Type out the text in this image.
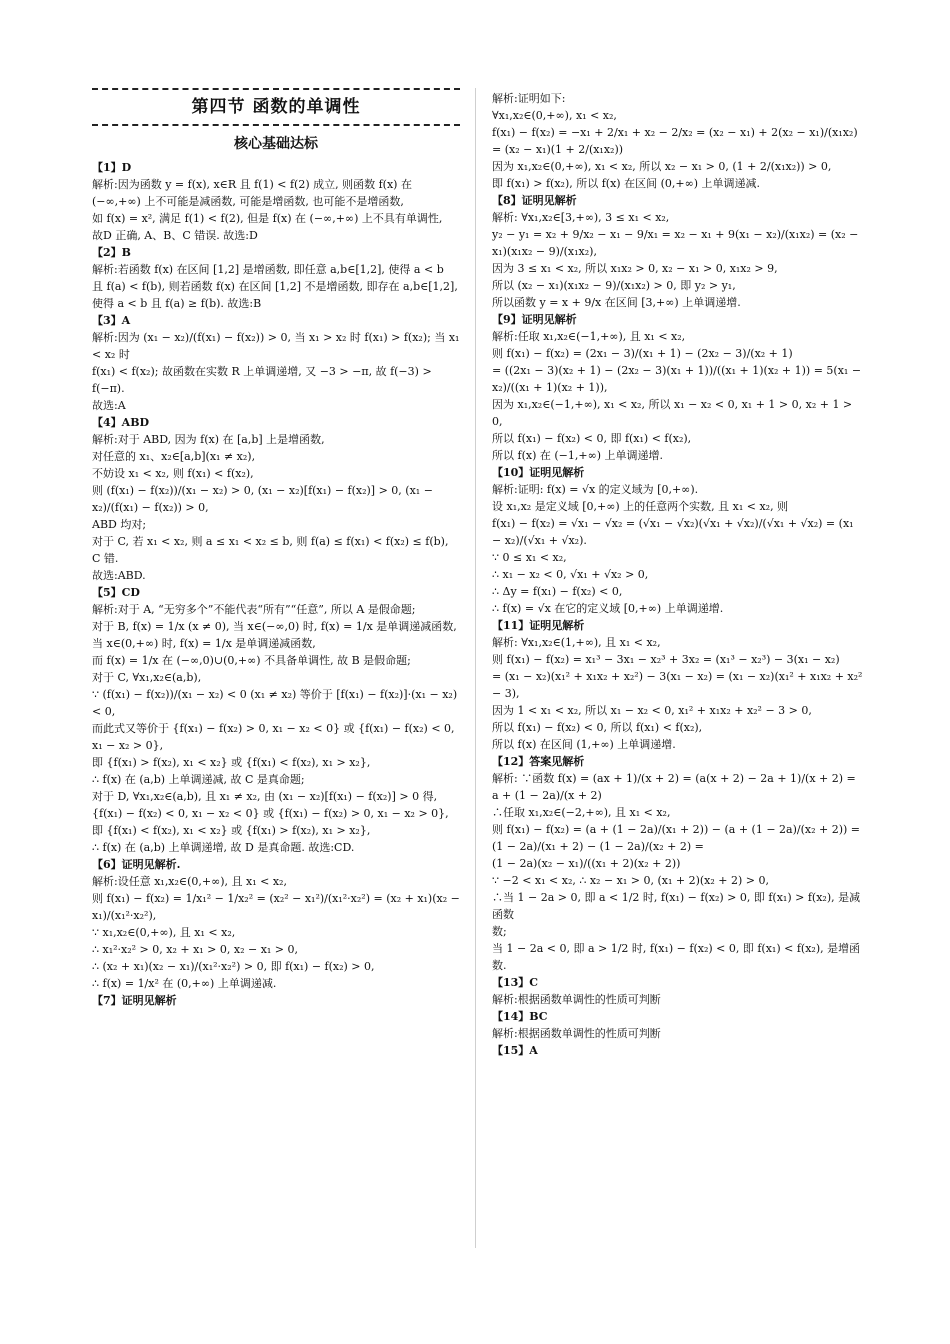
第四节 函数的单调性
核心基础达标
【1】D
解析:因为函数 y = f(x), x∈R 且 f(1) < f(2) 成立, 则函数 f(x) 在
(−∞,+∞) 上不可能是减函数, 可能是增函数, 也可能不是增函数,
如 f(x) = x², 满足 f(1) < f(2), 但是 f(x) 在 (−∞,+∞) 上不具有单调性,
故D 正确, A、B、C 错误. 故选:D
【2】B
解析:若函数 f(x) 在区间 [1,2] 是增函数, 即任意 a,b∈[1,2], 使得 a < b
且 f(a) < f(b), 则若函数 f(x) 在区间 [1,2] 不是增函数, 即存在 a,b∈[1,2],
使得 a < b 且 f(a) ≥ f(b). 故选:B
【3】A
解析:因为 (x₁ − x₂)/(f(x₁) − f(x₂)) > 0, 当 x₁ > x₂ 时 f(x₁) > f(x₂); 当 x₁ < x₂ 时
f(x₁) < f(x₂); 故函数在实数 R 上单调递增, 又 −3 > −π, 故 f(−3) > f(−π).
故选:A
【4】ABD
解析:对于 ABD, 因为 f(x) 在 [a,b] 上是增函数,
对任意的 x₁、x₂∈[a,b](x₁ ≠ x₂),
不妨设 x₁ < x₂, 则 f(x₁) < f(x₂),
则 (f(x₁) − f(x₂))/(x₁ − x₂) > 0, (x₁ − x₂)[f(x₁) − f(x₂)] > 0, (x₁ − x₂)/(f(x₁) − f(x₂)) > 0,
ABD 均对;
对于 C, 若 x₁ < x₂, 则 a ≤ x₁ < x₂ ≤ b, 则 f(a) ≤ f(x₁) < f(x₂) ≤ f(b), C 错.
故选:ABD.
【5】CD
解析:对于 A, “无穷多个”不能代表“所有”“任意”, 所以 A 是假命题;
对于 B, f(x) = 1/x (x ≠ 0), 当 x∈(−∞,0) 时, f(x) = 1/x 是单调递减函数,
当 x∈(0,+∞) 时, f(x) = 1/x 是单调递减函数,
而 f(x) = 1/x 在 (−∞,0)∪(0,+∞) 不具备单调性, 故 B 是假命题;
对于 C, ∀x₁,x₂∈(a,b),
∵ (f(x₁) − f(x₂))/(x₁ − x₂) < 0 (x₁ ≠ x₂) 等价于 [f(x₁) − f(x₂)]·(x₁ − x₂) < 0,
而此式又等价于 {f(x₁) − f(x₂) > 0, x₁ − x₂ < 0} 或 {f(x₁) − f(x₂) < 0, x₁ − x₂ > 0},
即 {f(x₁) > f(x₂), x₁ < x₂} 或 {f(x₁) < f(x₂), x₁ > x₂},
∴ f(x) 在 (a,b) 上单调递减, 故 C 是真命题;
对于 D, ∀x₁,x₂∈(a,b), 且 x₁ ≠ x₂, 由 (x₁ − x₂)[f(x₁) − f(x₂)] > 0 得,
{f(x₁) − f(x₂) < 0, x₁ − x₂ < 0} 或 {f(x₁) − f(x₂) > 0, x₁ − x₂ > 0},
即 {f(x₁) < f(x₂), x₁ < x₂} 或 {f(x₁) > f(x₂), x₁ > x₂},
∴ f(x) 在 (a,b) 上单调递增, 故 D 是真命题. 故选:CD.
【6】证明见解析.
解析:设任意 x₁,x₂∈(0,+∞), 且 x₁ < x₂,
则 f(x₁) − f(x₂) = 1/x₁² − 1/x₂² = (x₂² − x₁²)/(x₁²·x₂²) = (x₂ + x₁)(x₂ − x₁)/(x₁²·x₂²),
∵ x₁,x₂∈(0,+∞), 且 x₁ < x₂,
∴ x₁²·x₂² > 0, x₂ + x₁ > 0, x₂ − x₁ > 0,
∴ (x₂ + x₁)(x₂ − x₁)/(x₁²·x₂²) > 0, 即 f(x₁) − f(x₂) > 0,
∴ f(x) = 1/x² 在 (0,+∞) 上单调递减.
【7】证明见解析
解析:证明如下:
∀x₁,x₂∈(0,+∞), x₁ < x₂,
f(x₁) − f(x₂) = −x₁ + 2/x₁ + x₂ − 2/x₂ = (x₂ − x₁) + 2(x₂ − x₁)/(x₁x₂) = (x₂ − x₁)(1 + 2/(x₁x₂))
因为 x₁,x₂∈(0,+∞), x₁ < x₂, 所以 x₂ − x₁ > 0, (1 + 2/(x₁x₂)) > 0,
即 f(x₁) > f(x₂), 所以 f(x) 在区间 (0,+∞) 上单调递减.
【8】证明见解析
解析: ∀x₁,x₂∈[3,+∞), 3 ≤ x₁ < x₂,
y₂ − y₁ = x₂ + 9/x₂ − x₁ − 9/x₁ = x₂ − x₁ + 9(x₁ − x₂)/(x₁x₂) = (x₂ − x₁)(x₁x₂ − 9)/(x₁x₂),
因为 3 ≤ x₁ < x₂, 所以 x₁x₂ > 0, x₂ − x₁ > 0, x₁x₂ > 9,
所以 (x₂ − x₁)(x₁x₂ − 9)/(x₁x₂) > 0, 即 y₂ > y₁,
所以函数 y = x + 9/x 在区间 [3,+∞) 上单调递增.
【9】证明见解析
解析:任取 x₁,x₂∈(−1,+∞), 且 x₁ < x₂,
则 f(x₁) − f(x₂) = (2x₁ − 3)/(x₁ + 1) − (2x₂ − 3)/(x₂ + 1)
= ((2x₁ − 3)(x₂ + 1) − (2x₂ − 3)(x₁ + 1))/((x₁ + 1)(x₂ + 1)) = 5(x₁ − x₂)/((x₁ + 1)(x₂ + 1)),
因为 x₁,x₂∈(−1,+∞), x₁ < x₂, 所以 x₁ − x₂ < 0, x₁ + 1 > 0, x₂ + 1 > 0,
所以 f(x₁) − f(x₂) < 0, 即 f(x₁) < f(x₂),
所以 f(x) 在 (−1,+∞) 上单调递增.
【10】证明见解析
解析:证明: f(x) = √x 的定义域为 [0,+∞).
设 x₁,x₂ 是定义域 [0,+∞) 上的任意两个实数, 且 x₁ < x₂, 则
f(x₁) − f(x₂) = √x₁ − √x₂ = (√x₁ − √x₂)(√x₁ + √x₂)/(√x₁ + √x₂) = (x₁ − x₂)/(√x₁ + √x₂).
∵ 0 ≤ x₁ < x₂,
∴ x₁ − x₂ < 0, √x₁ + √x₂ > 0,
∴ Δy = f(x₁) − f(x₂) < 0,
∴ f(x) = √x 在它的定义域 [0,+∞) 上单调递增.
【11】证明见解析
解析: ∀x₁,x₂∈(1,+∞), 且 x₁ < x₂,
则 f(x₁) − f(x₂) = x₁³ − 3x₁ − x₂³ + 3x₂ = (x₁³ − x₂³) − 3(x₁ − x₂)
= (x₁ − x₂)(x₁² + x₁x₂ + x₂²) − 3(x₁ − x₂) = (x₁ − x₂)(x₁² + x₁x₂ + x₂² − 3),
因为 1 < x₁ < x₂, 所以 x₁ − x₂ < 0, x₁² + x₁x₂ + x₂² − 3 > 0,
所以 f(x₁) − f(x₂) < 0, 所以 f(x₁) < f(x₂),
所以 f(x) 在区间 (1,+∞) 上单调递增.
【12】答案见解析
解析: ∵函数 f(x) = (ax + 1)/(x + 2) = (a(x + 2) − 2a + 1)/(x + 2) = a + (1 − 2a)/(x + 2)
∴任取 x₁,x₂∈(−2,+∞), 且 x₁ < x₂,
则 f(x₁) − f(x₂) = (a + (1 − 2a)/(x₁ + 2)) − (a + (1 − 2a)/(x₂ + 2)) = (1 − 2a)/(x₁ + 2) − (1 − 2a)/(x₂ + 2) =
(1 − 2a)(x₂ − x₁)/((x₁ + 2)(x₂ + 2))
∵ −2 < x₁ < x₂, ∴ x₂ − x₁ > 0, (x₁ + 2)(x₂ + 2) > 0,
∴当 1 − 2a > 0, 即 a < 1/2 时, f(x₁) − f(x₂) > 0, 即 f(x₁) > f(x₂), 是减函数
数;
当 1 − 2a < 0, 即 a > 1/2 时, f(x₁) − f(x₂) < 0, 即 f(x₁) < f(x₂), 是增函数.
【13】C
解析:根据函数单调性的性质可判断
【14】BC
解析:根据函数单调性的性质可判断
【15】A
